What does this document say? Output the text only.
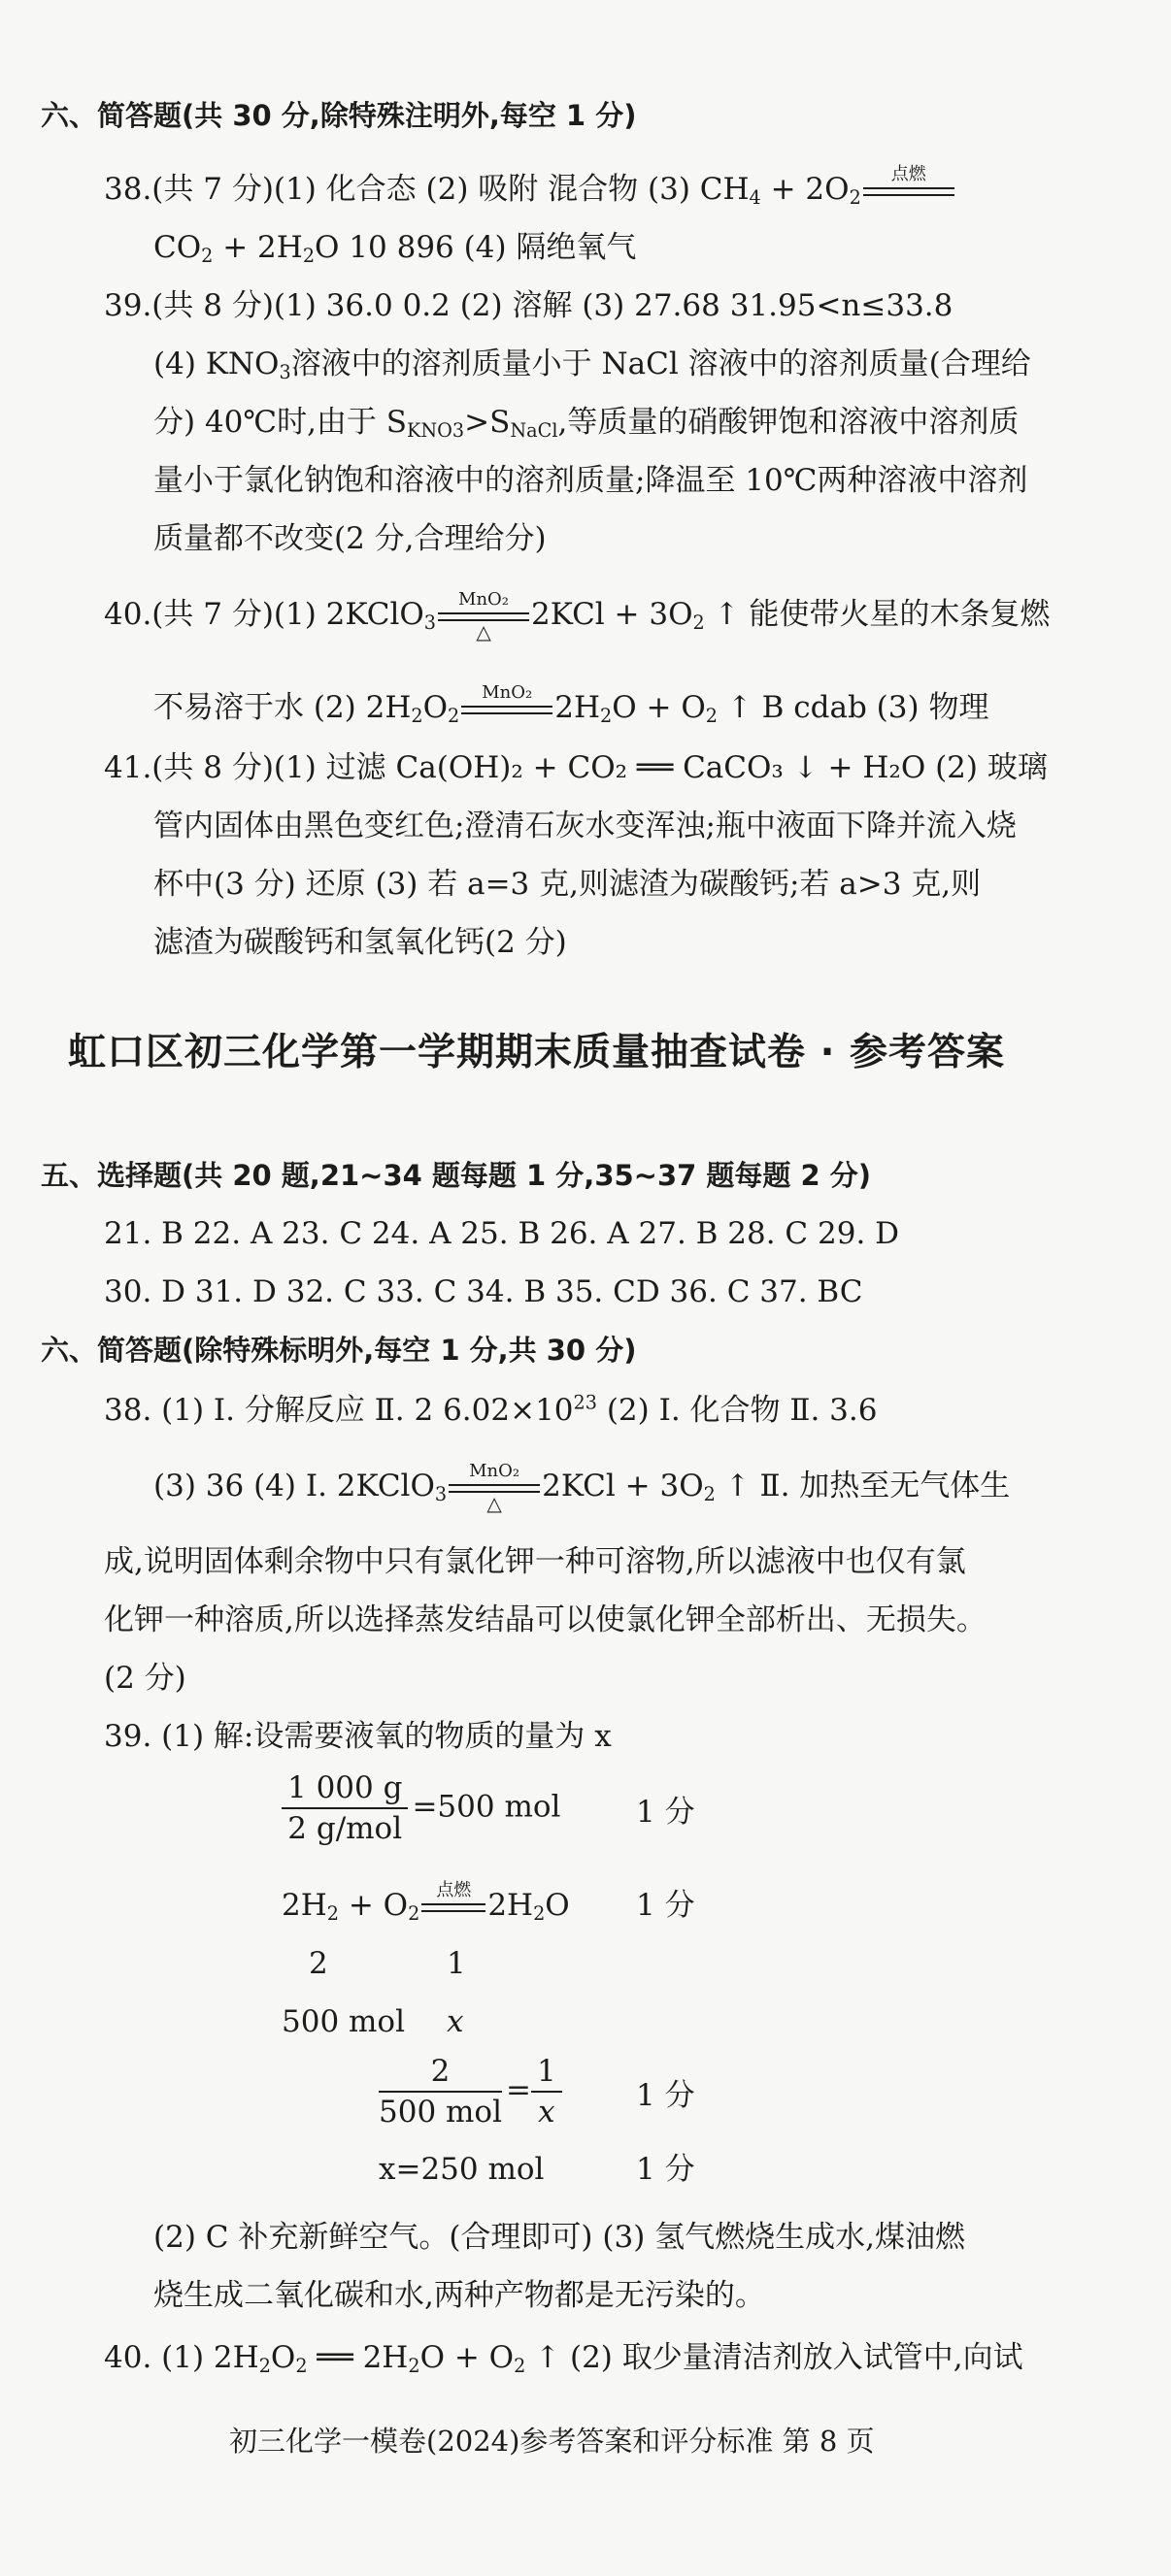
六、简答题(共 30 分,除特殊注明外,每空 1 分)
38.(共 7 分)(1) 化合态 (2) 吸附 混合物 (3) $CH_4 + 2O_2$
点燃
$CO_2 + 2H_2O$ 10 896 (4) 隔绝氧气
39.(共 8 分)(1) 36.0 0.2 (2) 溶解 (3) 27.68 31.95<n≤33.8
(4) $KNO_3$溶液中的溶剂质量小于 NaCl 溶液中的溶剂质量(合理给
分) 40℃时,由于 $S_{KNO3}>S_{NaCl}$,等质量的硝酸钾饱和溶液中溶剂质
量小于氯化钠饱和溶液中的溶剂质量;降温至 10℃两种溶液中溶剂
质量都不改变(2 分,合理给分)
40.(共 7 分)(1) 2KClO$_3$
MnO₂
△	$2KCl + 3O_2$ ↑ 能使带火星的木条复燃
不易溶于水 (2) $2H_2O_2$
MnO₂ $2H_2O + O_2$ ↑ B cdab (3) 物理
41.(共 8 分)(1) 过滤 Ca(OH)₂ + CO₂ ══ CaCO₃ ↓ + H₂O (2) 玻璃
管内固体由黑色变红色;澄清石灰水变浑浊;瓶中液面下降并流入烧
杯中(3 分) 还原 (3) 若 a=3 克,则滤渣为碳酸钙;若 a>3 克,则
滤渣为碳酸钙和氢氧化钙(2 分)
虹口区初三化学第一学期期末质量抽查试卷 · 参考答案
五、选择题(共 20 题,21~34 题每题 1 分,35~37 题每题 2 分)
21. B 22. A 23. C 24. A 25. B 26. A 27. B 28. C 29. D
30. D 31. D 32. C 33. C 34. B 35. CD 36. C 37. BC
六、简答题(除特殊标明外,每空 1 分,共 30 分)
38. (1) Ⅰ. 分解反应 Ⅱ. 2 $6.02\times 10^{23}$ (2) Ⅰ. 化合物 Ⅱ. 3.6
(3) 36 (4) Ⅰ. 2KClO$_3$
MnO₂
△	$2KCl + 3O_2$ ↑ Ⅱ. 加热至无气体生
成,说明固体剩余物中只有氯化钾一种可溶物,所以滤液中也仅有氯
化钾一种溶质,所以选择蒸发结晶可以使氯化钾全部析出、无损失。
(2 分)
39. (1) 解:设需要液氧的物质的量为 x
$\frac{1 000 g}{\text{2 g/mol}} =500$ mol	1 分
$2H_2 + O_2$
点燃 $2H_2O$ 1 分
2	1
500 mol x
$\frac{2}{\text{500 mol}} = \frac{1}{x} 1$ 分
x=250 mol	1 分
(2) C 补充新鲜空气。(合理即可) (3) 氢气燃烧生成水,煤油燃
烧生成二氧化碳和水,两种产物都是无污染的。
40. (1) $2H_2O_2$ ══ $2H_2O + O_2$ ↑ (2) 取少量清洁剂放入试管中,向试
初三化学一模卷(2024)参考答案和评分标准 第 8 页
